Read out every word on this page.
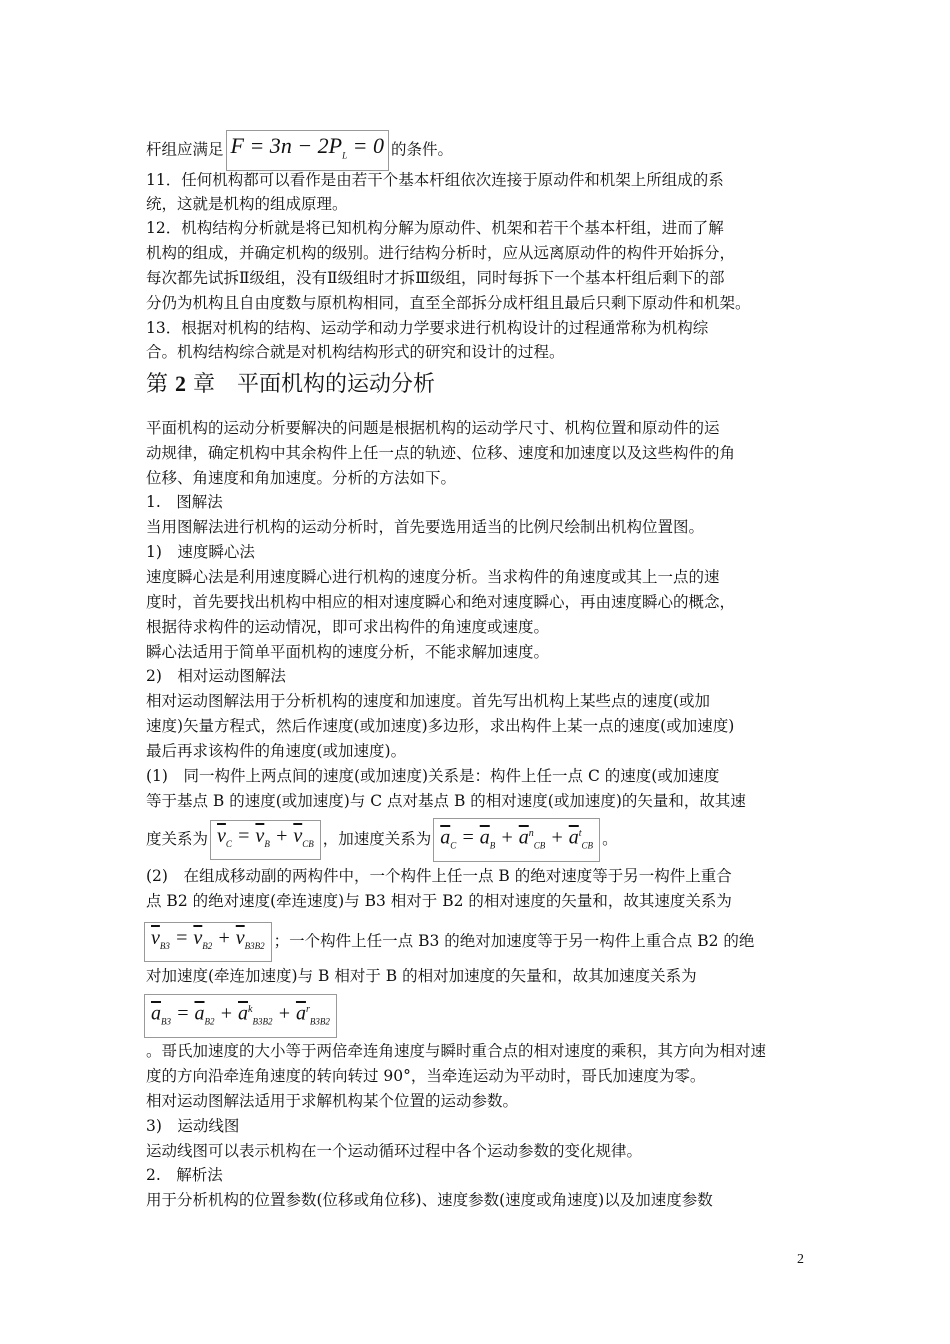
杆组应满足 $F = 3n - 2P_L = 0$ 的条件。
11．任何机构都可以看作是由若干个基本杆组依次连接于原动件和机架上所组成的系
统，这就是机构的组成原理。
12．机构结构分析就是将已知机构分解为原动件、机架和若干个基本杆组，进而了解
机构的组成，并确定机构的级别。进行结构分析时，应从远离原动件的构件开始拆分，
每次都先试拆Ⅱ级组，没有Ⅱ级组时才拆Ⅲ级组，同时每拆下一个基本杆组后剩下的部
分仍为机构且自由度数与原机构相同，直至全部拆分成杆组且最后只剩下原动件和机架。
13．根据对机构的结构、运动学和动力学要求进行机构设计的过程通常称为机构综
合。机构结构综合就是对机构结构形式的研究和设计的过程。
第 2 章　平面机构的运动分析
平面机构的运动分析要解决的问题是根据机构的运动学尺寸、机构位置和原动件的运
动规律，确定机构中其余构件上任一点的轨迹、位移、速度和加速度以及这些构件的角
位移、角速度和角加速度。分析的方法如下。
1.　图解法
当用图解法进行机构的运动分析时，首先要选用适当的比例尺绘制出机构位置图。
1)　速度瞬心法
速度瞬心法是利用速度瞬心进行机构的速度分析。当求构件的角速度或其上一点的速
度时，首先要找出机构中相应的相对速度瞬心和绝对速度瞬心，再由速度瞬心的概念，
根据待求构件的运动情况，即可求出构件的角速度或速度。
瞬心法适用于简单平面机构的速度分析，不能求解加速度。
2)　相对运动图解法
相对运动图解法用于分析机构的速度和加速度。首先写出机构上某些点的速度(或加
速度)矢量方程式，然后作速度(或加速度)多边形，求出构件上某一点的速度(或加速度)
最后再求该构件的角速度(或加速度)。
(1)　同一构件上两点间的速度(或加速度)关系是：构件上任一点 C 的速度(或加速度
等于基点 B 的速度(或加速度)与 C 点对基点 B 的相对速度(或加速度)的矢量和，故其速
度关系为 $\overline{v}_C = \overline{v}_B + \overline{v}_{CB}$ ，加速度关系为 $\overline{a}_C = \overline{a}_B + \overline{a}^n_{CB} + \overline{a}^t_{CB}$ 。
(2)　在组成移动副的两构件中，一个构件上任一点 B 的绝对速度等于另一构件上重合
点 B2 的绝对速度(牵连速度)与 B3 相对于 B2 的相对速度的矢量和，故其速度关系为
$\overline{v}_{B3} = \overline{v}_{B2} + \overline{v}_{B3B2}$ ；一个构件上任一点 B3 的绝对加速度等于另一构件上重合点 B2 的绝
对加速度(牵连加速度)与 B 相对于 B 的相对加速度的矢量和，故其加速度关系为
$\overline{a}_{B3} = \overline{a}_{B2} + \overline{a}^k_{B3B2} + \overline{a}^r_{B3B2}$
。哥氏加速度的大小等于两倍牵连角速度与瞬时重合点的相对速度的乘积，其方向为相对速
度的方向沿牵连角速度的转向转过 90°，当牵连运动为平动时，哥氏加速度为零。
相对运动图解法适用于求解机构某个位置的运动参数。
3)　运动线图
运动线图可以表示机构在一个运动循环过程中各个运动参数的变化规律。
2.　解析法
用于分析机构的位置参数(位移或角位移)、速度参数(速度或角速度)以及加速度参数
2
